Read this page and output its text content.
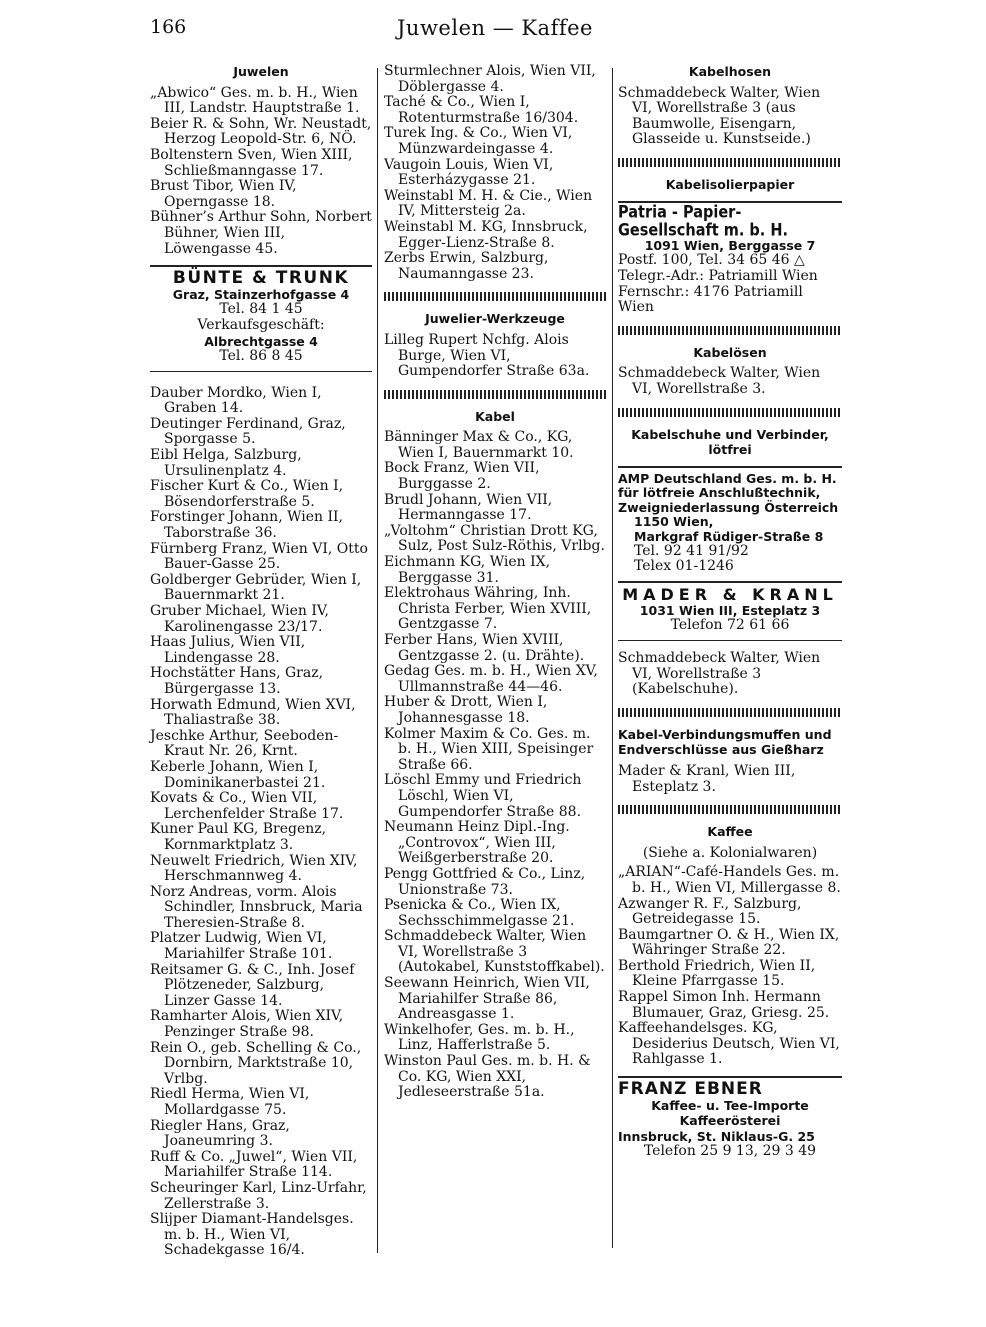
166	Juwelen — Kaffee
Juwelen

„Abwico“ Ges. m. b. H., Wien III, Landstr. Hauptstraße 1.

Beier R. & Sohn, Wr. Neustadt, Herzog Leopold-Str. 6, NÖ.

Boltenstern Sven, Wien XIII, Schließmanngasse 17.

Brust Tibor, Wien IV, Operngasse 18.

Bühner’s Arthur Sohn, Norbert Bühner, Wien III, Löwengasse 45.

BÜNTE & TRUNK
Graz, Stainzerhofgasse 4
Tel. 84 1 45
Verkaufsgeschäft:
Albrechtgasse 4
Tel. 86 8 45

Dauber Mordko, Wien I, Graben 14.

Deutinger Ferdinand, Graz, Sporgasse 5.

Eibl Helga, Salzburg, Ursulinenplatz 4.

Fischer Kurt & Co., Wien I, Bösendorferstraße 5.

Forstinger Johann, Wien II, Taborstraße 36.

Fürnberg Franz, Wien VI, Otto Bauer-Gasse 25.

Goldberger Gebrüder, Wien I, Bauernmarkt 21.

Gruber Michael, Wien IV, Karolinengasse 23/17.

Haas Julius, Wien VII, Lindengasse 28.

Hochstätter Hans, Graz, Bürgergasse 13.

Horwath Edmund, Wien XVI, Thaliastraße 38.

Jeschke Arthur, Seeboden-Kraut Nr. 26, Krnt.

Keberle Johann, Wien I, Dominikanerbastei 21.

Kovats & Co., Wien VII, Lerchenfelder Straße 17.

Kuner Paul KG, Bregenz, Kornmarktplatz 3.

Neuwelt Friedrich, Wien XIV, Herschmannweg 4.

Norz Andreas, vorm. Alois Schindler, Innsbruck, Maria Theresien-Straße 8.

Platzer Ludwig, Wien VI, Mariahilfer Straße 101.

Reitsamer G. & C., Inh. Josef Plötzeneder, Salzburg, Linzer Gasse 14.

Ramharter Alois, Wien XIV, Penzinger Straße 98.

Rein O., geb. Schelling & Co., Dornbirn, Marktstraße 10, Vrlbg.

Riedl Herma, Wien VI, Mollardgasse 75.

Riegler Hans, Graz, Joaneumring 3.

Ruff & Co. „Juwel“, Wien VII, Mariahilfer Straße 114.

Scheuringer Karl, Linz-Urfahr, Zellerstraße 3.

Slijper Diamant-Handelsges. m. b. H., Wien VI, Schadekgasse 16/4.

Sturmlechner Alois, Wien VII, Döblergasse 4.

Taché & Co., Wien I, Rotenturmstraße 16/304.

Turek Ing. & Co., Wien VI, Münzwardeingasse 4.

Vaugoin Louis, Wien VI, Esterházygasse 21.

Weinstabl M. H. & Cie., Wien IV, Mittersteig 2a.

Weinstabl M. KG, Innsbruck, Egger-Lienz-Straße 8.

Zerbs Erwin, Salzburg, Naumanngasse 23.

Juwelier-Werkzeuge

Lilleg Rupert Nchfg. Alois Burge, Wien VI, Gumpendorfer Straße 63a.

Kabel

Bänninger Max & Co., KG, Wien I, Bauernmarkt 10.

Bock Franz, Wien VII, Burggasse 2.

Brudl Johann, Wien VII, Hermanngasse 17.

„Voltohm“ Christian Drott KG, Sulz, Post Sulz-Röthis, Vrlbg.

Eichmann KG, Wien IX, Berggasse 31.

Elektrohaus Währing, Inh. Christa Ferber, Wien XVIII, Gentzgasse 7.

Ferber Hans, Wien XVIII, Gentzgasse 2. (u. Drähte).

Gedag Ges. m. b. H., Wien XV, Ullmannstraße 44—46.

Huber & Drott, Wien I, Johannesgasse 18.

Kolmer Maxim & Co. Ges. m. b. H., Wien XIII, Speisinger Straße 66.

Löschl Emmy und Friedrich Löschl, Wien VI, Gumpendorfer Straße 88.

Neumann Heinz Dipl.-Ing. „Controvox“, Wien III, Weißgerberstraße 20.

Pengg Gottfried & Co., Linz, Unionstraße 73.

Psenicka & Co., Wien IX, Sechsschimmelgasse 21.

Schmaddebeck Walter, Wien VI, Worellstraße 3 (Autokabel, Kunststoffkabel).

Seewann Heinrich, Wien VII, Mariahilfer Straße 86, Andreasgasse 1.

Winkelhofer, Ges. m. b. H., Linz, Hafferlstraße 5.

Winston Paul Ges. m. b. H. & Co. KG, Wien XXI, Jedleseerstraße 51a.

Kabelhosen

Schmaddebeck Walter, Wien VI, Worellstraße 3 (aus Baumwolle, Eisengarn, Glasseide u. Kunstseide.)

Kabelisolierpapier
Patria - Papier-Gesellschaft m. b. H.
1091 Wien, Berggasse 7
Postf. 100, Tel. 34 65 46 △
Telegr.-Adr.: Patriamill Wien
Fernschr.: 4176 Patriamill Wien
Kabelösen

Schmaddebeck Walter, Wien VI, Worellstraße 3.

Kabelschuhe und Verbinder, lötfrei
AMP Deutschland Ges. m. b. H.
für lötfreie Anschlußtechnik,
Zweigniederlassung Österreich
1150 Wien,
Markgraf Rüdiger-Straße 8
Tel. 92 41 91/92
Telex 01-1246
MADER & KRANL
1031 Wien III, Esteplatz 3
Telefon 72 61 66
Schmaddebeck Walter, Wien VI, Worellstraße 3 (Kabelschuhe).
Kabel-Verbindungsmuffen und Endverschlüsse aus Gießharz

Mader & Kranl, Wien III, Esteplatz 3.

Kaffee
(Siehe a. Kolonialwaren)

„ARIAN“-Café-Handels Ges. m. b. H., Wien VI, Millergasse 8.

Azwanger R. F., Salzburg, Getreidegasse 15.

Baumgartner O. & H., Wien IX, Währinger Straße 22.

Berthold Friedrich, Wien II, Kleine Pfarrgasse 15.

Rappel Simon Inh. Hermann Blumauer, Graz, Griesg. 25.

Kaffeehandelsges. KG, Desiderius Deutsch, Wien VI, Rahlgasse 1.

FRANZ EBNER
Kaffee- u. Tee-Importe
Kaffeerösterei
Innsbruck, St. Niklaus-G. 25
Telefon 25 9 13, 29 3 49
